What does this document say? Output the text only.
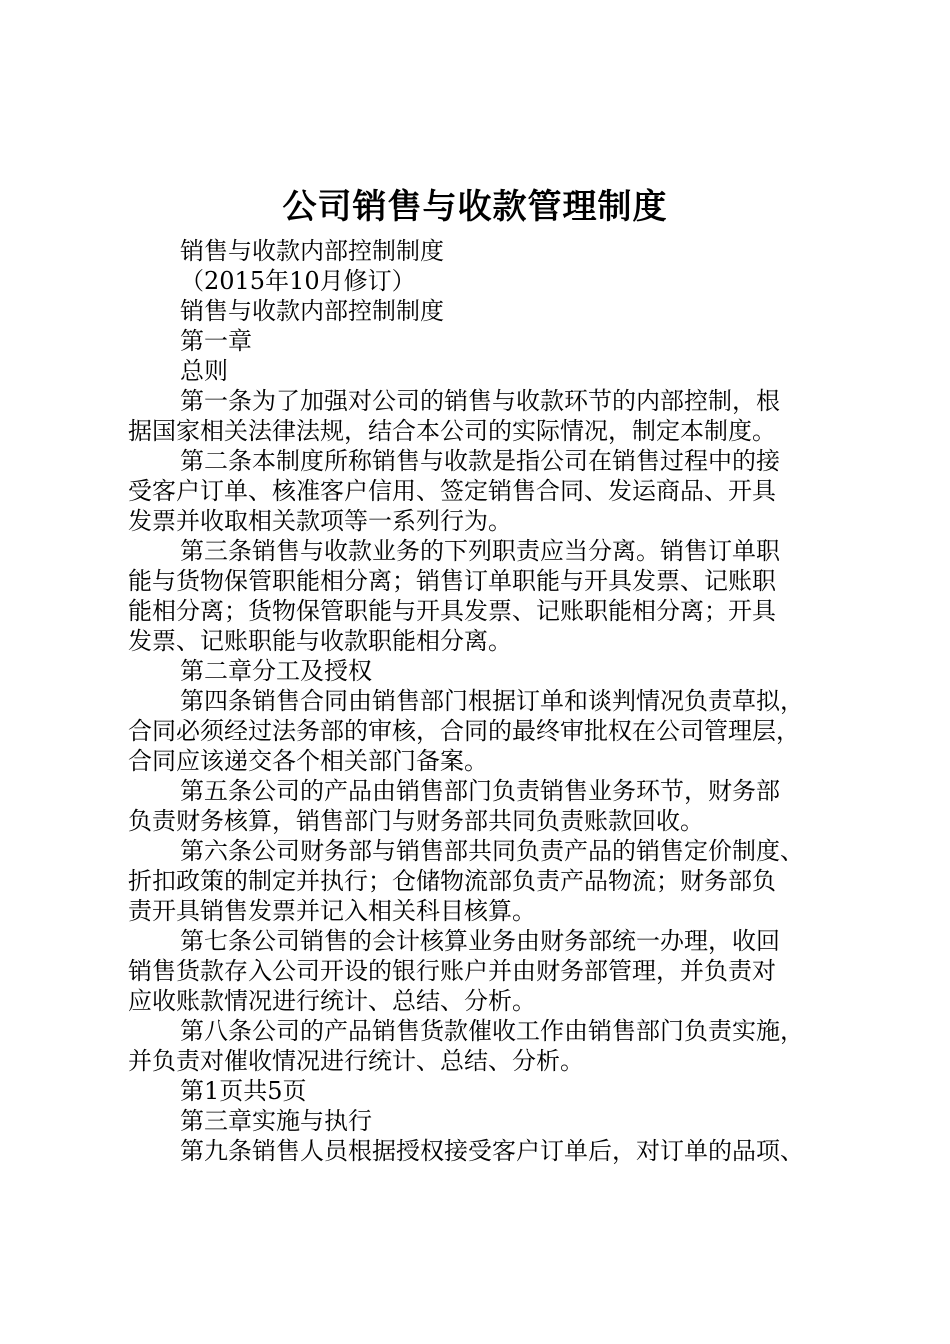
公司销售与收款管理制度
销售与收款内部控制制度
（2015年10月修订）
销售与收款内部控制制度
第一章
总则
第一条为了加强对公司的销售与收款环节的内部控制，根
据国家相关法律法规，结合本公司的实际情况，制定本制度。
第二条本制度所称销售与收款是指公司在销售过程中的接
受客户订单、核准客户信用、签定销售合同、发运商品、开具
发票并收取相关款项等一系列行为。
第三条销售与收款业务的下列职责应当分离。销售订单职
能与货物保管职能相分离；销售订单职能与开具发票、记账职
能相分离；货物保管职能与开具发票、记账职能相分离；开具
发票、记账职能与收款职能相分离。
第二章分工及授权
第四条销售合同由销售部门根据订单和谈判情况负责草拟，
合同必须经过法务部的审核，合同的最终审批权在公司管理层，
合同应该递交各个相关部门备案。
第五条公司的产品由销售部门负责销售业务环节，财务部
负责财务核算，销售部门与财务部共同负责账款回收。
第六条公司财务部与销售部共同负责产品的销售定价制度、
折扣政策的制定并执行；仓储物流部负责产品物流；财务部负
责开具销售发票并记入相关科目核算。
第七条公司销售的会计核算业务由财务部统一办理，收回
销售货款存入公司开设的银行账户并由财务部管理，并负责对
应收账款情况进行统计、总结、分析。
第八条公司的产品销售货款催收工作由销售部门负责实施，
并负责对催收情况进行统计、总结、分析。
第1页共5页
第三章实施与执行
第九条销售人员根据授权接受客户订单后，对订单的品项、
